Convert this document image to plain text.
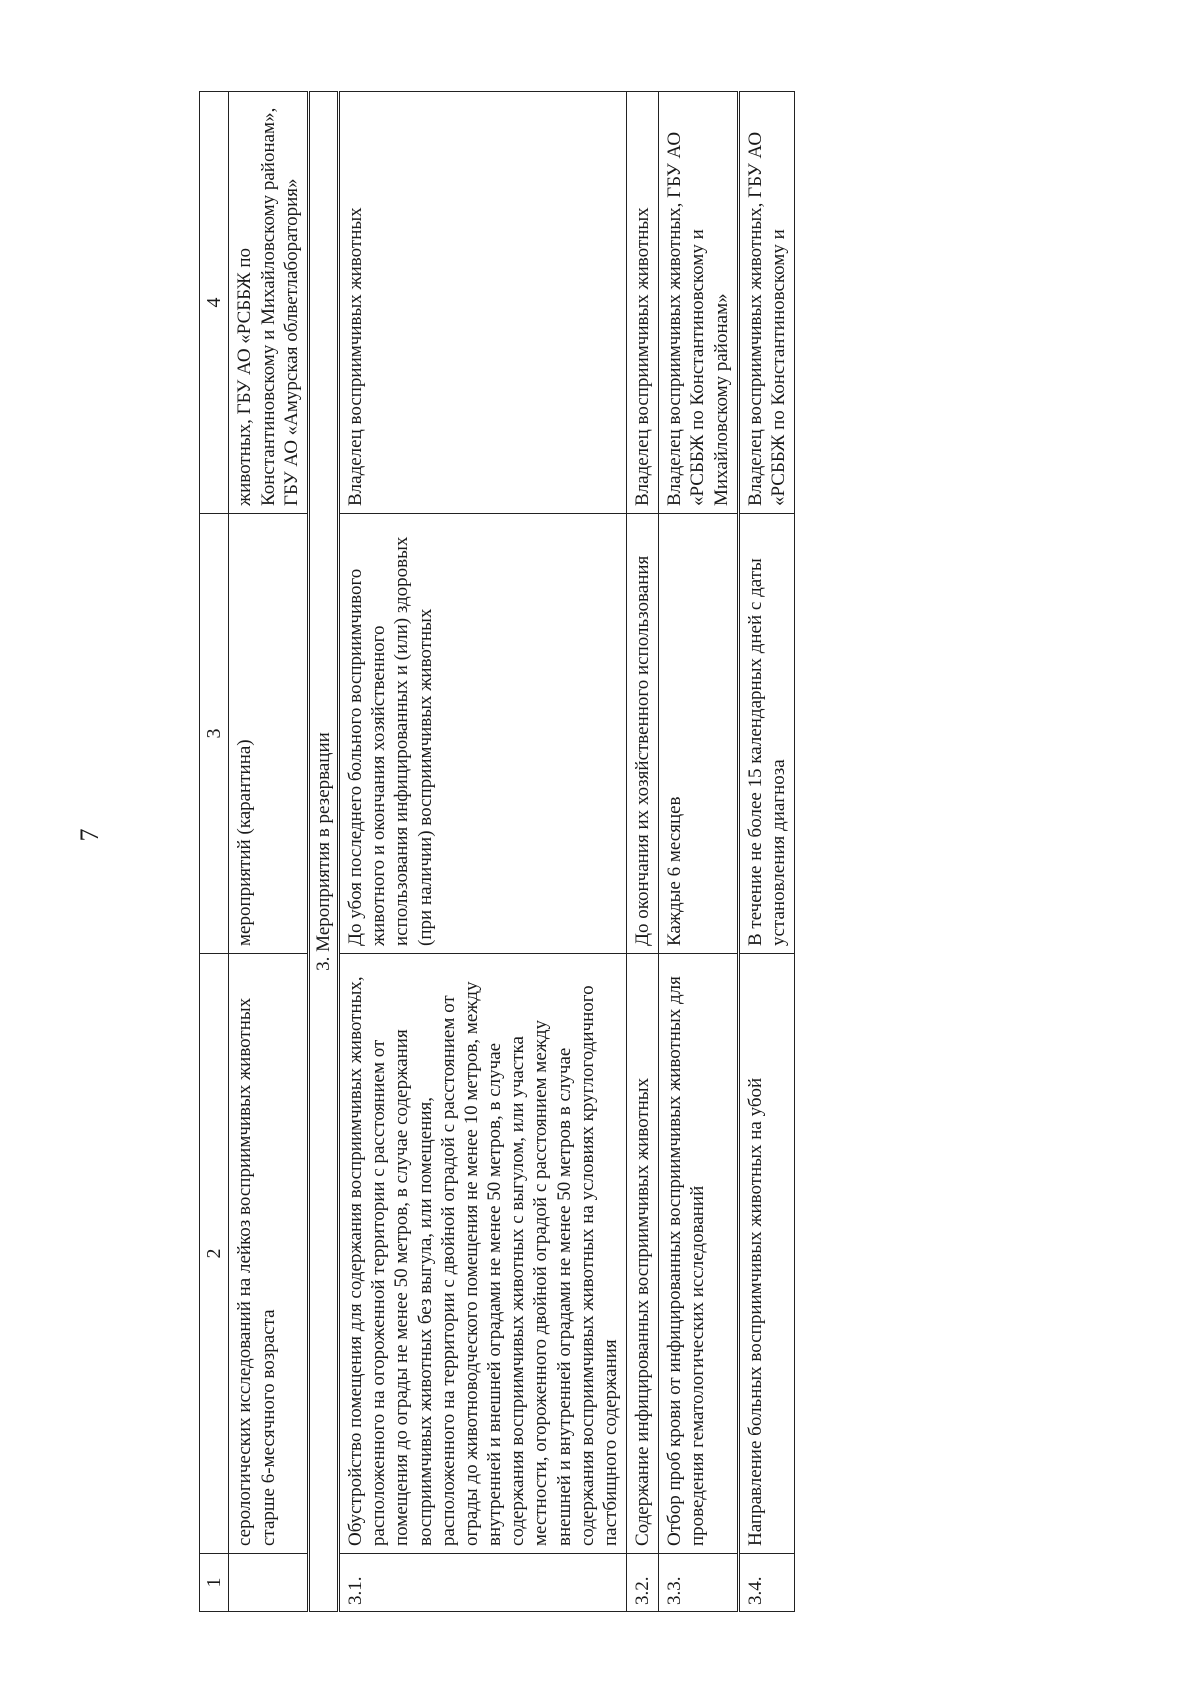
7
1	2	3	4
	серологических исследований на лейкоз восприимчивых животных старше 6-месячного возраста	мероприятий (карантина)	животных, ГБУ АО «РСББЖ по Константиновскому и Михайловскому районам», ГБУ АО «Амурская облветлаборатория»
3. Мероприятия в резервации			
3.1.	Обустройство помещения для содержания восприимчивых животных, расположенного на огороженной территории с расстоянием от помещения до ограды не менее 50 метров, в случае содержания восприимчивых животных без выгула, или помещения, расположенного на территории с двойной оградой с расстоянием от ограды до животноводческого помещения не менее 10 метров, между внутренней и внешней оградами не менее 50 метров, в случае содержания восприимчивых животных с выгулом, или участка местности, огороженного двойной оградой с расстоянием между внешней и внутренней оградами не менее 50 метров в случае содержания восприимчивых животных на условиях круглогодичного пастбищного содержания	До убоя последнего больного восприимчивого животного и окончания хозяйственного использования инфицированных и (или) здоровых (при наличии) восприимчивых животных	Владелец восприимчивых животных
3.2.	Содержание инфицированных восприимчивых животных	До окончания их хозяйственного использования	Владелец восприимчивых животных
3.3.	Отбор проб крови от инфицированных восприимчивых животных для проведения гематологических исследований	Каждые 6 месяцев	Владелец восприимчивых животных, ГБУ АО «РСББЖ по Константиновскому и Михайловскому районам»
3.4.	Направление больных восприимчивых животных на убой	В течение не более 15 календарных дней с даты установления диагноза	Владелец восприимчивых животных, ГБУ АО «РСББЖ по Константиновскому и
